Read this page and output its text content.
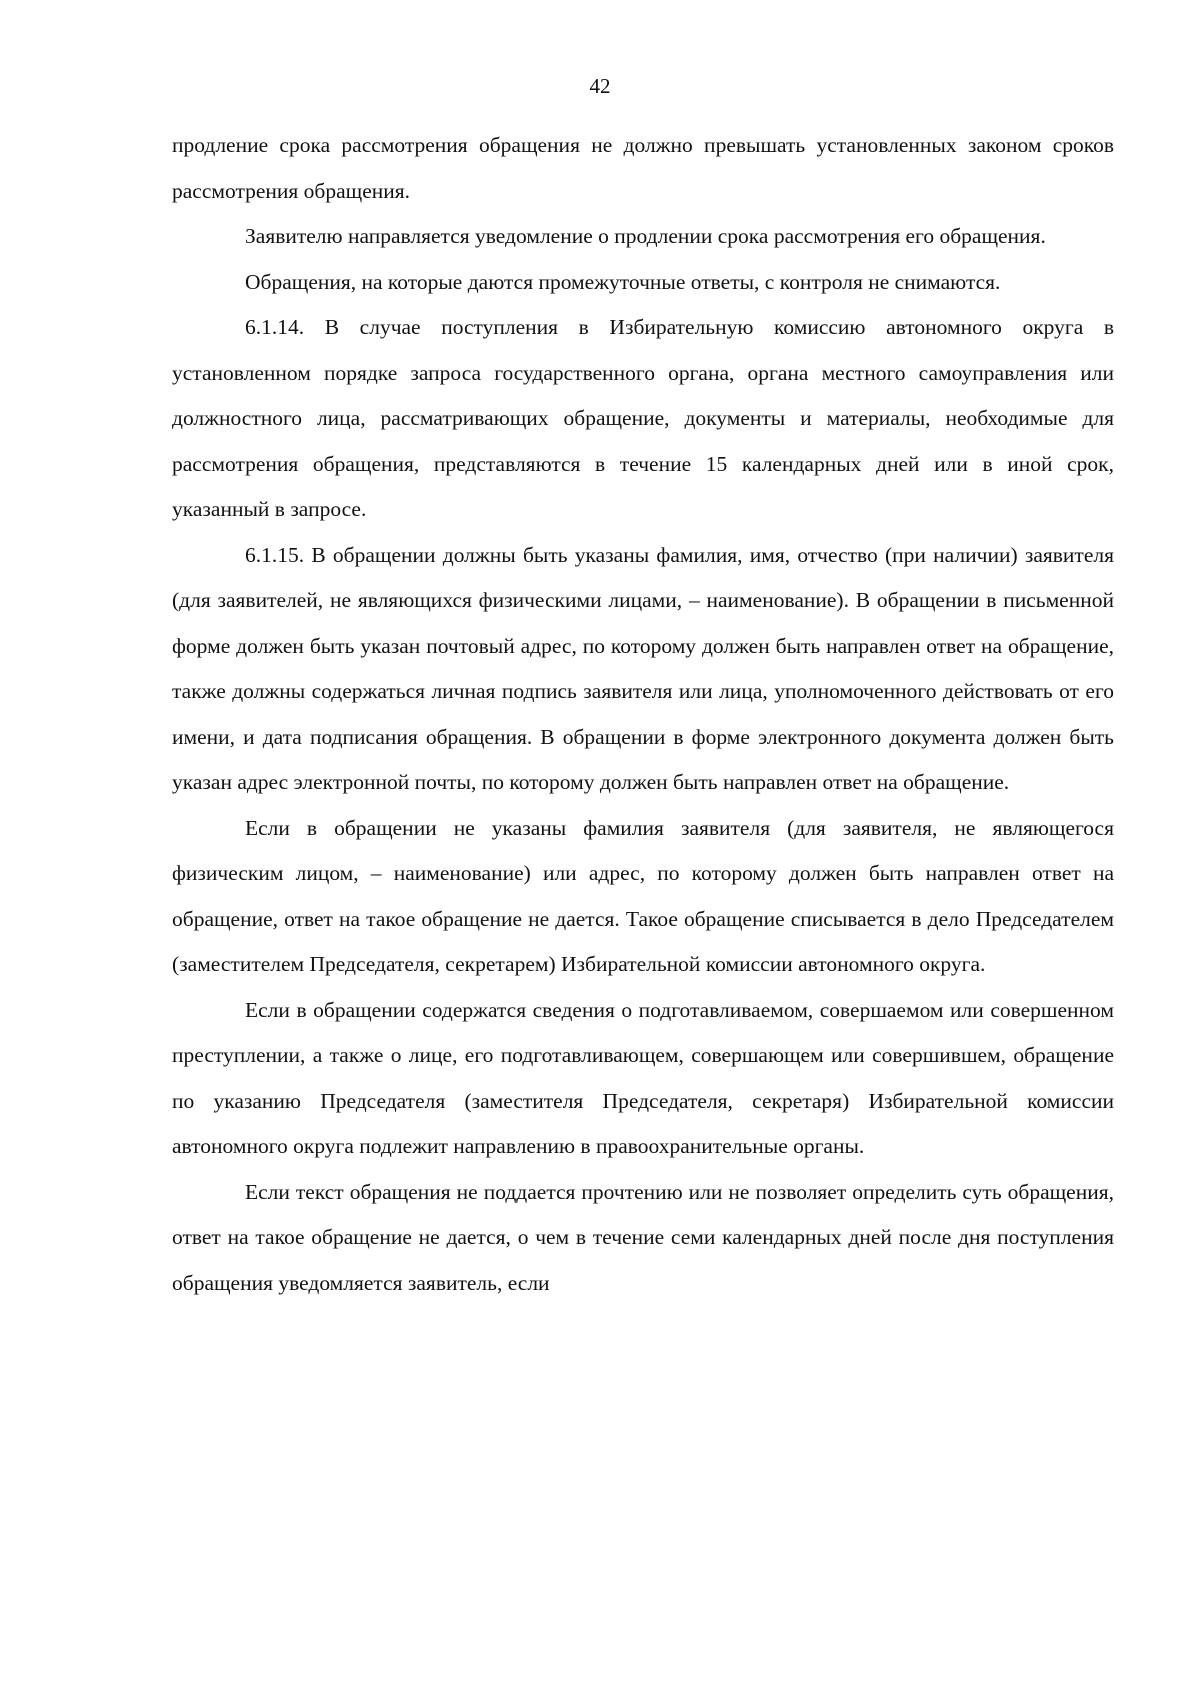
42

продление срока рассмотрения обращения не должно превышать установленных законом сроков рассмотрения обращения.

Заявителю направляется уведомление о продлении срока рассмотрения его обращения.

Обращения, на которые даются промежуточные ответы, с контроля не снимаются.

6.1.14. В случае поступления в Избирательную комиссию автономного округа в установленном порядке запроса государственного органа, органа местного самоуправления или должностного лица, рассматривающих обращение, документы и материалы, необходимые для рассмотрения обращения, представляются в течение 15 календарных дней или в иной срок, указанный в запросе.

6.1.15. В обращении должны быть указаны фамилия, имя, отчество (при наличии) заявителя (для заявителей, не являющихся физическими лицами, – наименование). В обращении в письменной форме должен быть указан почтовый адрес, по которому должен быть направлен ответ на обращение, также должны содержаться личная подпись заявителя или лица, уполномоченного действовать от его имени, и дата подписания обращения. В обращении в форме электронного документа должен быть указан адрес электронной почты, по которому должен быть направлен ответ на обращение.

Если в обращении не указаны фамилия заявителя (для заявителя, не являющегося физическим лицом, – наименование) или адрес, по которому должен быть направлен ответ на обращение, ответ на такое обращение не дается. Такое обращение списывается в дело Председателем (заместителем Председателя, секретарем) Избирательной комиссии автономного округа.

Если в обращении содержатся сведения о подготавливаемом, совершаемом или совершенном преступлении, а также о лице, его подготавливающем, совершающем или совершившем, обращение по указанию Председателя (заместителя Председателя, секретаря) Избирательной комиссии автономного округа подлежит направлению в правоохранительные органы.

Если текст обращения не поддается прочтению или не позволяет определить суть обращения, ответ на такое обращение не дается, о чем в течение семи календарных дней после дня поступления обращения уведомляется заявитель, если
